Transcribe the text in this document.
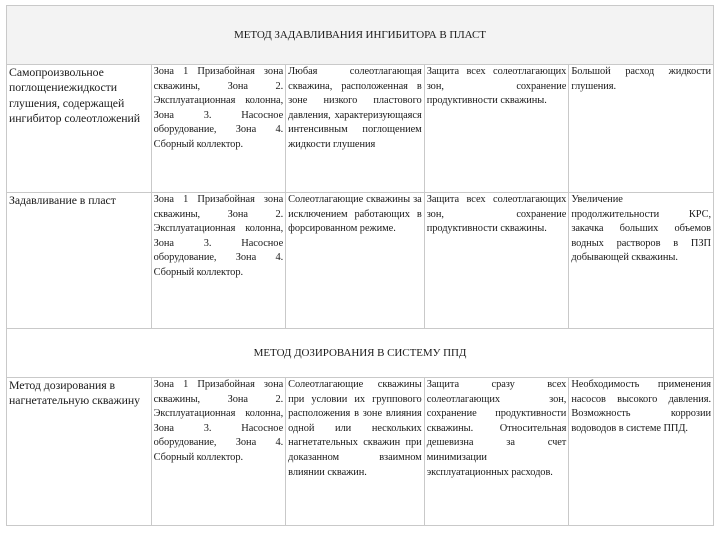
МЕТОД ЗАДАВЛИВАНИЯ ИНГИБИТОРА В ПЛАСТ				
Самопроизвольное поглощениежидкости глушения, содержащей ингибитор солеотложений	Зона 1 Призабойная зона скважины, Зона 2. Эксплуатационная колонна, Зона 3. Насосное оборудование, Зона 4. Сборный коллектор.	Любая солеотлагающая скважина, расположенная в зоне низкого пластового давления, характеризующаяся интенсивным поглощением жидкости глушения	Защита всех солеотлагающих зон, сохранение продуктивности скважины.	Большой расход жидкости глушения.
Задавливание в пласт	Зона 1 Призабойная зона скважины, Зона 2. Эксплуатационная колонна, Зона 3. Насосное оборудование, Зона 4. Сборный коллектор.	Солеотлагающие скважины за исключением работающих в форсированном режиме.	Защита всех солеотлагающих зон, сохранение продуктивности скважины.	Увеличение продолжительности КРС, закачка больших объемов водных растворов в ПЗП добывающей скважины.
МЕТОД ДОЗИРОВАНИЯ В СИСТЕМУ ППД				
Метод дозирования в нагнетательную скважину	Зона 1 Призабойная зона скважины, Зона 2. Эксплуатационная колонна, Зона 3. Насосное оборудование, Зона 4. Сборный коллектор.	Солеотлагающие скважины при условии их группового расположения в зоне влияния одной или нескольких нагнетательных скважин при доказанном взаимном влиянии скважин.	Защита сразу всех солеотлагающих зон, сохранение продуктивности скважины. Относительная дешевизна за счет минимизации эксплуатационных расходов.	Необходимость применения насосов высокого давления. Возможность коррозии водоводов в системе ППД.
